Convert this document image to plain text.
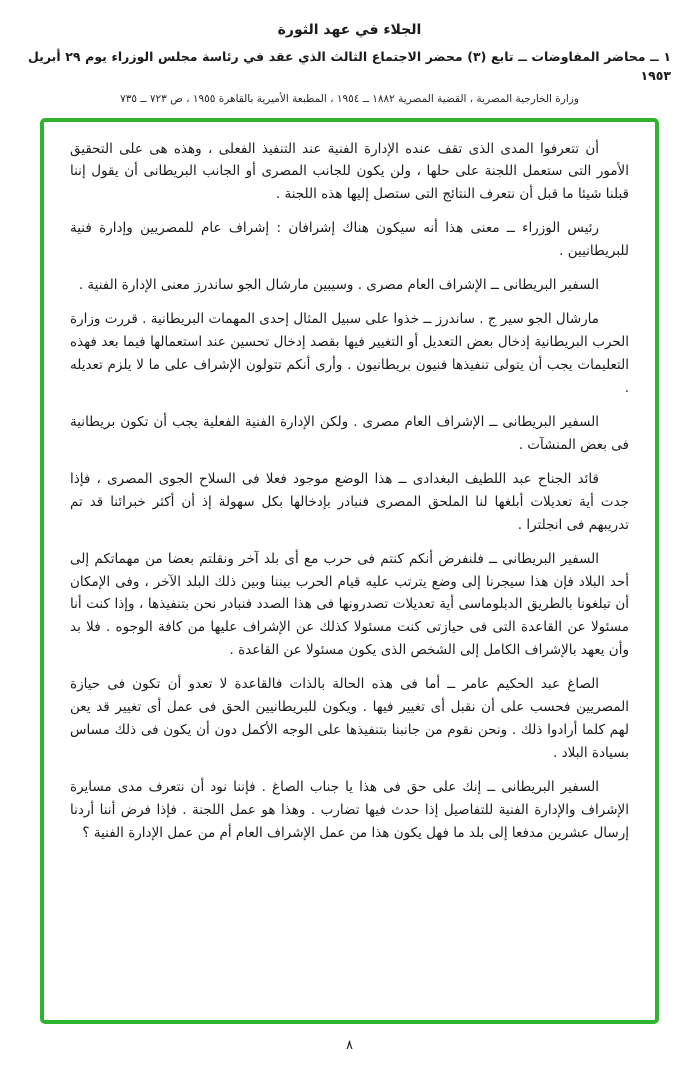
الجلاء في عهد الثورة
١ ــ محاضر المفاوضات ــ تابع (٣) محضر الاجتماع الثالث الذي عقد في رئاسة مجلس الوزراء يوم ٢٩ أبريل ١٩٥٣
وزارة الخارجية المصرية ، القضية المصرية ١٨٨٢ ــ ١٩٥٤ ، المطبعة الأميرية بالقاهرة ١٩٥٥ ، ص ٧٢٣ ــ ٧٣٥

أن تتعرفوا المدى الذى تقف عنده الإدارة الفنية عند التنفيذ الفعلى ، وهذه هى على التحقيق الأمور التى ستعمل اللجنة على حلها ، ولن يكون للجانب المصرى أو الجانب البريطانى أن يقول إننا قبلنا شيئا ما قبل أن نتعرف النتائج التى ستصل إليها هذه اللجنة .

رئيس الوزراء ــ معنى هذا أنه سيكون هناك إشرافان : إشراف عام للمصريين وإدارة فنية للبريطانيين .

السفير البريطانى ــ الإشراف العام مصرى . وسيبين مارشال الجو ساندرز معنى الإدارة الفنية .

مارشال الجو سير ج . ساندرز ــ خذوا على سبيل المثال إحدى المهمات البريطانية . قررت وزارة الحرب البريطانية إدخال بعض التعديل أو التغيير فيها بقصد إدخال تحسين عند استعمالها فيما بعد فهذه التعليمات يجب أن يتولى تنفيذها فنيون بريطانيون . وأرى أنكم تتولون الإشراف على ما لا يلزم تعديله .

السفير البريطانى ــ الإشراف العام مصرى . ولكن الإدارة الفنية الفعلية يجب أن تكون بريطانية فى بعض المنشآت .

قائد الجناح عبد اللطيف البغدادى ــ هذا الوضع موجود فعلا فى السلاح الجوى المصرى ، فإذا جدت أية تعديلات أبلغها لنا الملحق المصرى فنبادر بإدخالها بكل سهولة إذ أن أكثر خبرائنا قد تم تدريبهم فى انجلترا .

السفير البريطانى ــ فلنفرض أنكم كنتم فى حرب مع أى بلد آخر ونقلتم بعضا من مهماتكم إلى أحد البلاد فإن هذا سيجرنا إلى وضع يترتب عليه قيام الحرب بيننا وبين ذلك البلد الآخر ، وفى الإمكان أن تبلغونا بالطريق الدبلوماسى أية تعديلات تصدرونها فى هذا الصدد فنبادر نحن بتنفيذها ، وإذا كنت أنا مسئولا عن القاعدة التى فى حيازتى كنت مسئولا كذلك عن الإشراف عليها من كافة الوجوه . فلا بد وأن يعهد بالإشراف الكامل إلى الشخص الذى يكون مسئولا عن القاعدة .

الصاغ عبد الحكيم عامر ــ أما فى هذه الحالة بالذات فالقاعدة لا تعدو أن تكون فى حيازة المصريين فحسب على أن نقبل أى تغيير فيها . ويكون للبريطانيين الحق فى عمل أى تغيير قد يعن لهم كلما أرادوا ذلك . ونحن نقوم من جانبنا بتنفيذها على الوجه الأكمل دون أن يكون فى ذلك مساس بسيادة البلاد .

السفير البريطانى ــ إنك على حق فى هذا يا جناب الصاغ . فإننا نود أن نتعرف مدى مسايرة الإشراف والإدارة الفنية للتفاصيل إذا حدث فيها تضارب . وهذا هو عمل اللجنة . فإذا فرض أننا أردنا إرسال عشرين مدفعا إلى بلد ما فهل يكون هذا من عمل الإشراف العام أم من عمل الإدارة الفنية ؟

٨
